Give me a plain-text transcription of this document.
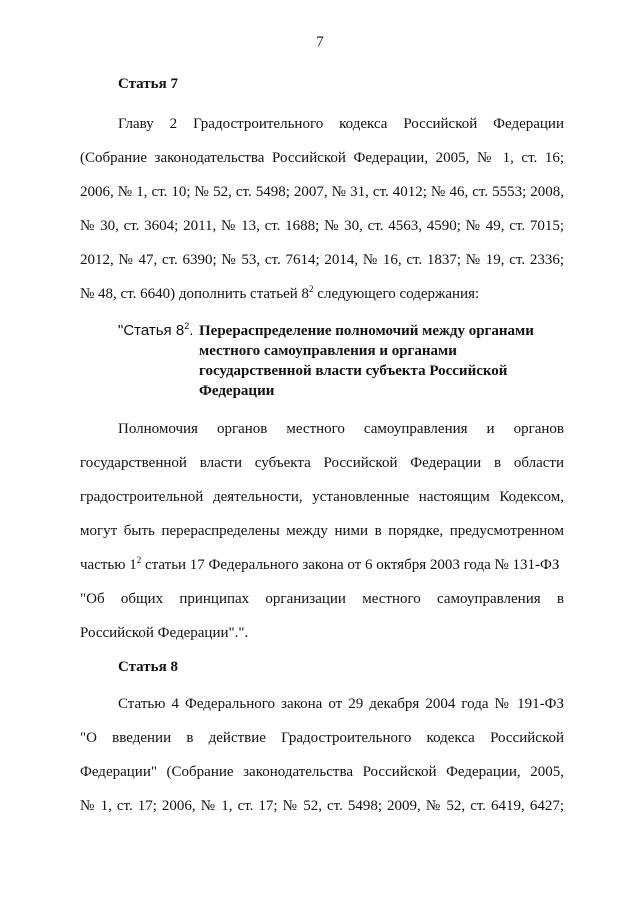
7
Статья 7
Главу 2 Градостроительного кодекса Российской Федерации
(Собрание законодательства Российской Федерации, 2005, № 1, ст. 16;
2006, № 1, ст. 10; № 52, ст. 5498; 2007, № 31, ст. 4012; № 46, ст. 5553; 2008,
№ 30, ст. 3604; 2011, № 13, ст. 1688; № 30, ст. 4563, 4590; № 49, ст. 7015;
2012, № 47, ст. 6390; № 53, ст. 7614; 2014, № 16, ст. 1837; № 19, ст. 2336;
№ 48, ст. 6640) дополнить статьей $8^2$ следующего содержания:
"Статья $8^2$. Перераспределение полномочий между органами
местного самоуправления и органами
государственной власти субъекта Российской
Федерации
Полномочия органов местного самоуправления и органов
государственной власти субъекта Российской Федерации в области
градостроительной деятельности, установленные настоящим Кодексом,
могут быть перераспределены между ними в порядке, предусмотренном
частью $1^2$ статьи 17 Федерального закона от 6 октября 2003 года № 131-ФЗ
"Об общих принципах организации местного самоуправления в
Российской Федерации".".
Статья 8
Статью 4 Федерального закона от 29 декабря 2004 года № 191-ФЗ
"О введении в действие Градостроительного кодекса Российской
Федерации" (Собрание законодательства Российской Федерации, 2005,
№ 1, ст. 17; 2006, № 1, ст. 17; № 52, ст. 5498; 2009, № 52, ст. 6419, 6427;
